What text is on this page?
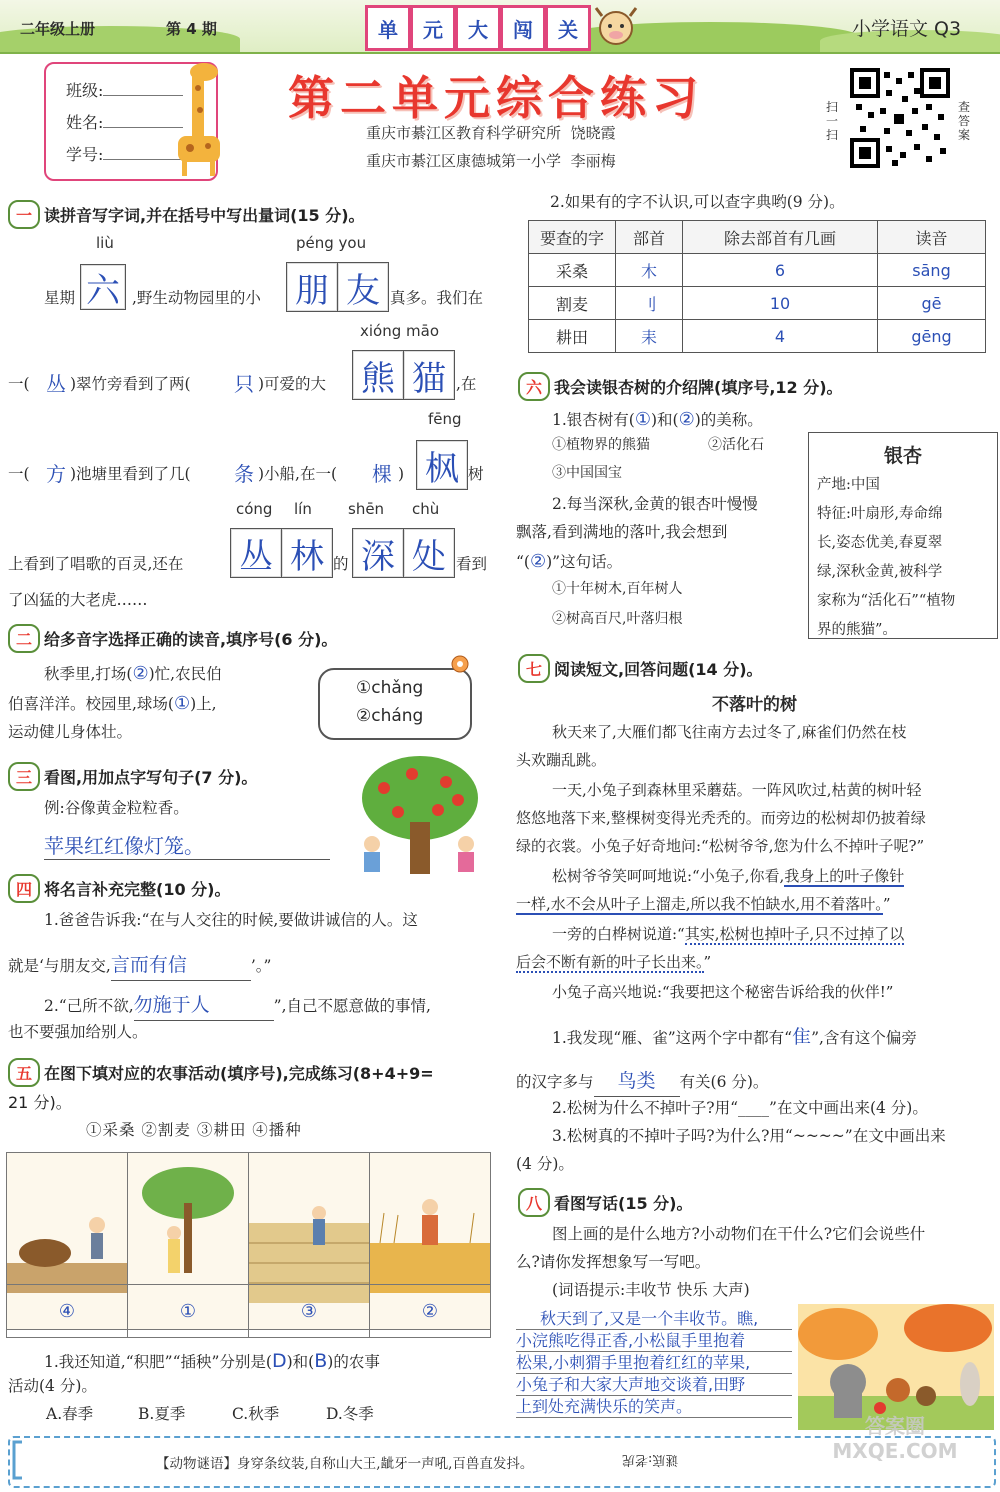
二年级上册	第 4 期	单	元	大	闯	关	小学语文 Q3
班级:
姓名:
学号:
第二单元综合练习
重庆市綦江区教育科学研究所 饶晓霞
重庆市綦江区康德城第一小学 李丽梅
扫一扫
查答案
一 读拼音写字词,并在括号中写出量词(15 分)。
liù	péng you
星期 六 ,野生动物园里的小 朋 友 真多。我们在
xióng māo
一( 丛 )翠竹旁看到了两( 只 )可爱的大 熊 猫 ,在
fēng
一( 方 )池塘里看到了几( 条 )小船,在一( 棵 ) 枫 树
cóng lín shēn chù
上看到了唱歌的百灵,还在 丛 林 的 深 处 看到
了凶猛的大老虎……
二 给多音字选择正确的读音,填序号(6 分)。
秋季里,打场(②)忙,农民伯
伯喜洋洋。校园里,球场(①)上,
运动健儿身体壮。
①chǎng
②cháng
三 看图,用加点字写句子(7 分)。
例:谷像黄金粒粒香。
苹果红红像灯笼。
四 将名言补充完整(10 分)。
1.爸爸告诉我:“在与人交往的时候,要做讲诚信的人。这
就是‘与朋友交,言而有信	’。”
2.“己所不欲,勿施于人	”,自己不愿意做的事情,
也不要强加给别人。
五 在图下填对应的农事活动(填序号),完成练习(8+4+9=
21 分)。
①采桑 ②割麦 ③耕田 ④播种
④	①	③	②
1.我还知道,“积肥”“插秧”分别是(D)和(B)的农事
活动(4 分)。
A.春季	B.夏季	C.秋季	D.冬季
2.如果有的字不认识,可以查字典哟(9 分)。
要查的字	部首	除去部首有几画	读音
采桑	木	6	sāng
割麦	刂	10	gē
耕田	耒	4	gēng
六 我会读银杏树的介绍牌(填序号,12 分)。
1.银杏树有(①)和(②)的美称。
①植物界的熊猫	②活化石
③中国国宝
2.每当深秋,金黄的银杏叶慢慢
飘落,看到满地的落叶,我会想到
“(②)”这句话。
①十年树木,百年树人
②树高百尺,叶落归根
银杏
产地:中国
特征:叶扇形,寿命绵
长,姿态优美,春夏翠
绿,深秋金黄,被科学
家称为“活化石”“植物
界的熊猫”。
七 阅读短文,回答问题(14 分)。
不落叶的树
秋天来了,大雁们都飞往南方去过冬了,麻雀们仍然在枝
头欢蹦乱跳。
一天,小兔子到森林里采蘑菇。一阵风吹过,枯黄的树叶轻
悠悠地落下来,整棵树变得光秃秃的。而旁边的松树却仍披着绿
绿的衣裳。小兔子好奇地问:“松树爷爷,您为什么不掉叶子呢?”
松树爷爷笑呵呵地说:“小兔子,你看,我身上的叶子像针
一样,水不会从叶子上溜走,所以我不怕缺水,用不着落叶。”
一旁的白桦树说道:“其实,松树也掉叶子,只不过掉了以
后会不断有新的叶子长出来。”
小兔子高兴地说:“我要把这个秘密告诉给我的伙伴!”
1.我发现“雁、雀”这两个字中都有“隹”,含有这个偏旁
的汉字多与 鸟类 有关(6 分)。
2.松树为什么不掉叶子?用“____”在文中画出来(4 分)。
3.松树真的不掉叶子吗?为什么?用“~~~~”在文中画出来
(4 分)。
八 看图写话(15 分)。
图上画的是什么地方?小动物们在干什么?它们会说些什
么?请你发挥想象写一写吧。
(词语提示:丰收节 快乐 大声)
秋天到了,又是一个丰收节。瞧,
小浣熊吃得正香,小松鼠手里抱着
松果,小刺猬手里抱着红红的苹果,
小兔子和大家大声地交谈着,田野
上到处充满快乐的笑声。
【动物谜语】身穿条纹装,自称山大王,龇牙一声吼,百兽直发抖。	谜底:老虎
答案圈 MXQE.COM
